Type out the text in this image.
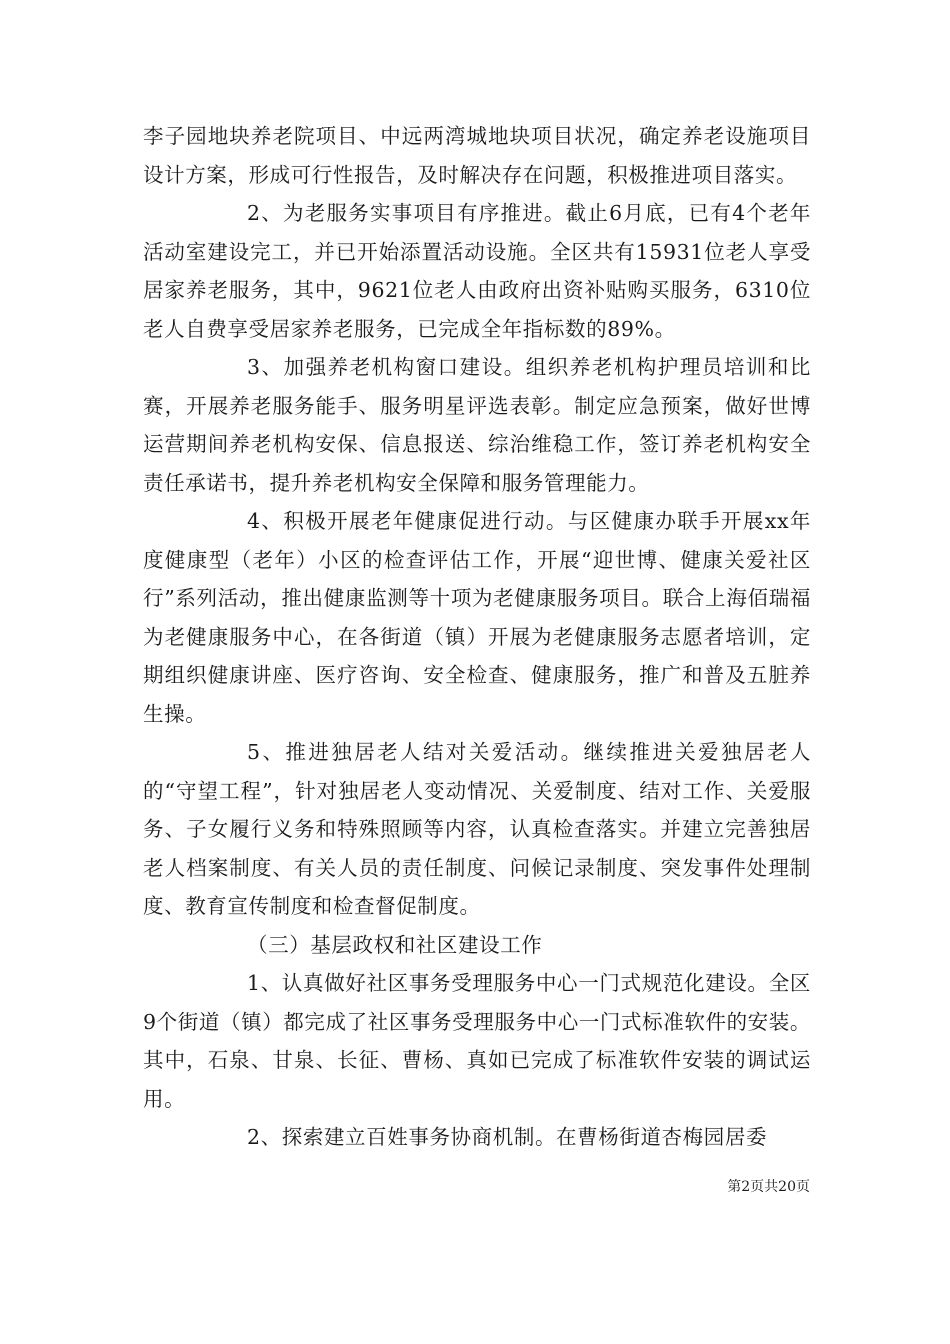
李子园地块养老院项目、中远两湾城地块项目状况，确定养老设施项目设计方案，形成可行性报告，及时解决存在问题，积极推进项目落实。

2、为老服务实事项目有序推进。截止6月底，已有4个老年活动室建设完工，并已开始添置活动设施。全区共有15931位老人享受居家养老服务，其中，9621位老人由政府出资补贴购买服务，6310位老人自费享受居家养老服务，已完成全年指标数的89%。

3、加强养老机构窗口建设。组织养老机构护理员培训和比赛，开展养老服务能手、服务明星评选表彰。制定应急预案，做好世博运营期间养老机构安保、信息报送、综治维稳工作，签订养老机构安全责任承诺书，提升养老机构安全保障和服务管理能力。

4、积极开展老年健康促进行动。与区健康办联手开展xx年度健康型（老年）小区的检查评估工作，开展“迎世博、健康关爱社区行”系列活动，推出健康监测等十项为老健康服务项目。联合上海佰瑞福为老健康服务中心，在各街道（镇）开展为老健康服务志愿者培训，定期组织健康讲座、医疗咨询、安全检查、健康服务，推广和普及五脏养生操。

5、推进独居老人结对关爱活动。继续推进关爱独居老人的“守望工程”，针对独居老人变动情况、关爱制度、结对工作、关爱服务、子女履行义务和特殊照顾等内容，认真检查落实。并建立完善独居老人档案制度、有关人员的责任制度、问候记录制度、突发事件处理制度、教育宣传制度和检查督促制度。

（三）基层政权和社区建设工作

1、认真做好社区事务受理服务中心一门式规范化建设。全区9个街道（镇）都完成了社区事务受理服务中心一门式标准软件的安装。其中，石泉、甘泉、长征、曹杨、真如已完成了标准软件安装的调试运用。

2、探索建立百姓事务协商机制。在曹杨街道杏梅园居委

第2页共20页
